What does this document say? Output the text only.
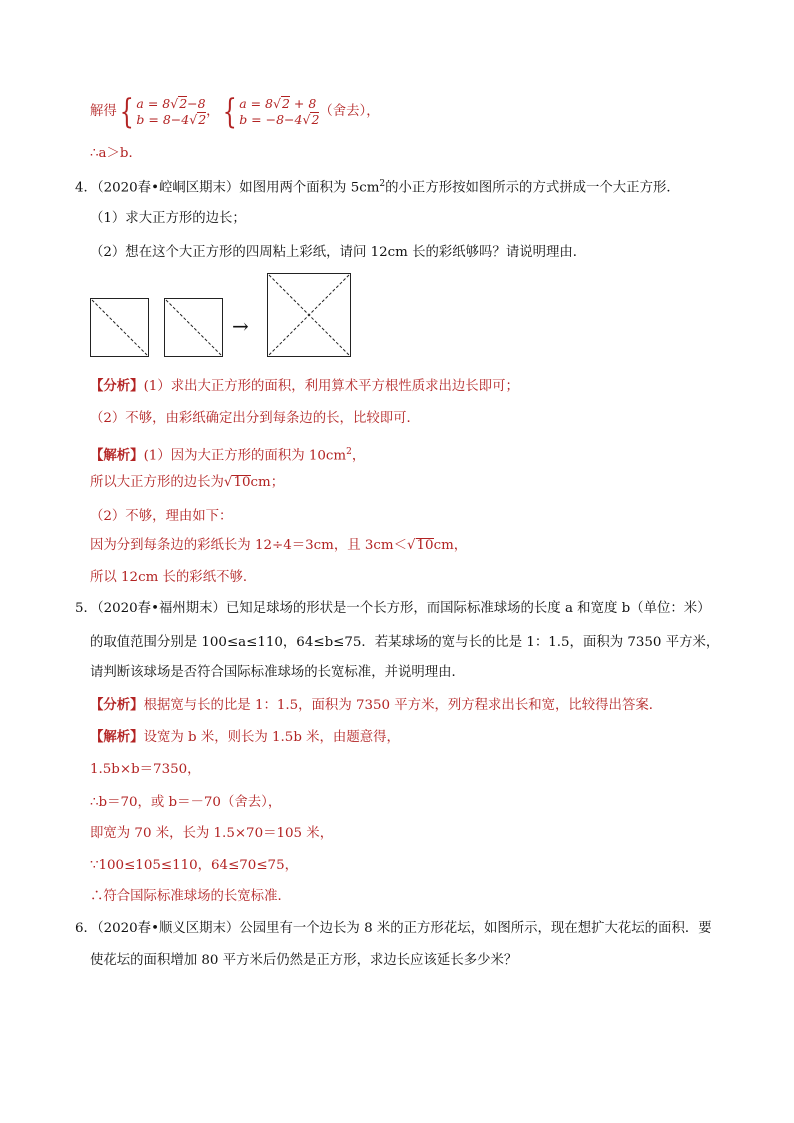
解得{ a = 8√2−8
b = 8−4√2，{ a = 8√2 + 8
b = −8−4√2（舍去），
∴a＞b．
4．（2020春•崆峒区期末）如图用两个面积为 $5cm^2$的小正方形按如图所示的方式拼成一个大正方形．
（1）求大正方形的边长；
（2）想在这个大正方形的四周粘上彩纸，请问 12cm 长的彩纸够吗？请说明理由．
→
【分析】(1）求出大正方形的面积，利用算术平方根性质求出边长即可；
（2）不够，由彩纸确定出分到每条边的长，比较即可．
【解析】(1）因为大正方形的面积为 $10cm^2$，
所以大正方形的边长为√10cm；
（2）不够，理由如下：
因为分到每条边的彩纸长为 12÷4＝3cm，且 3cm＜√10cm，
所以 12cm 长的彩纸不够．
5．（2020春•福州期末）已知足球场的形状是一个长方形，而国际标准球场的长度 a 和宽度 b（单位：米）
的取值范围分别是 100≤a≤110，64≤b≤75．若某球场的宽与长的比是 1：1.5，面积为 7350 平方米，
请判断该球场是否符合国际标准球场的长宽标准，并说明理由．
【分析】根据宽与长的比是 1：1.5，面积为 7350 平方米，列方程求出长和宽，比较得出答案．
【解析】设宽为 b 米，则长为 1.5b 米，由题意得，
1.5b×b＝7350，
∴b＝70，或 b＝－70（舍去），
即宽为 70 米，长为 1.5×70＝105 米，
∵100≤105≤110，64≤70≤75，
∴符合国际标准球场的长宽标准．
6．（2020春•顺义区期末）公园里有一个边长为 8 米的正方形花坛，如图所示，现在想扩大花坛的面积．要
使花坛的面积增加 80 平方米后仍然是正方形，求边长应该延长多少米？
